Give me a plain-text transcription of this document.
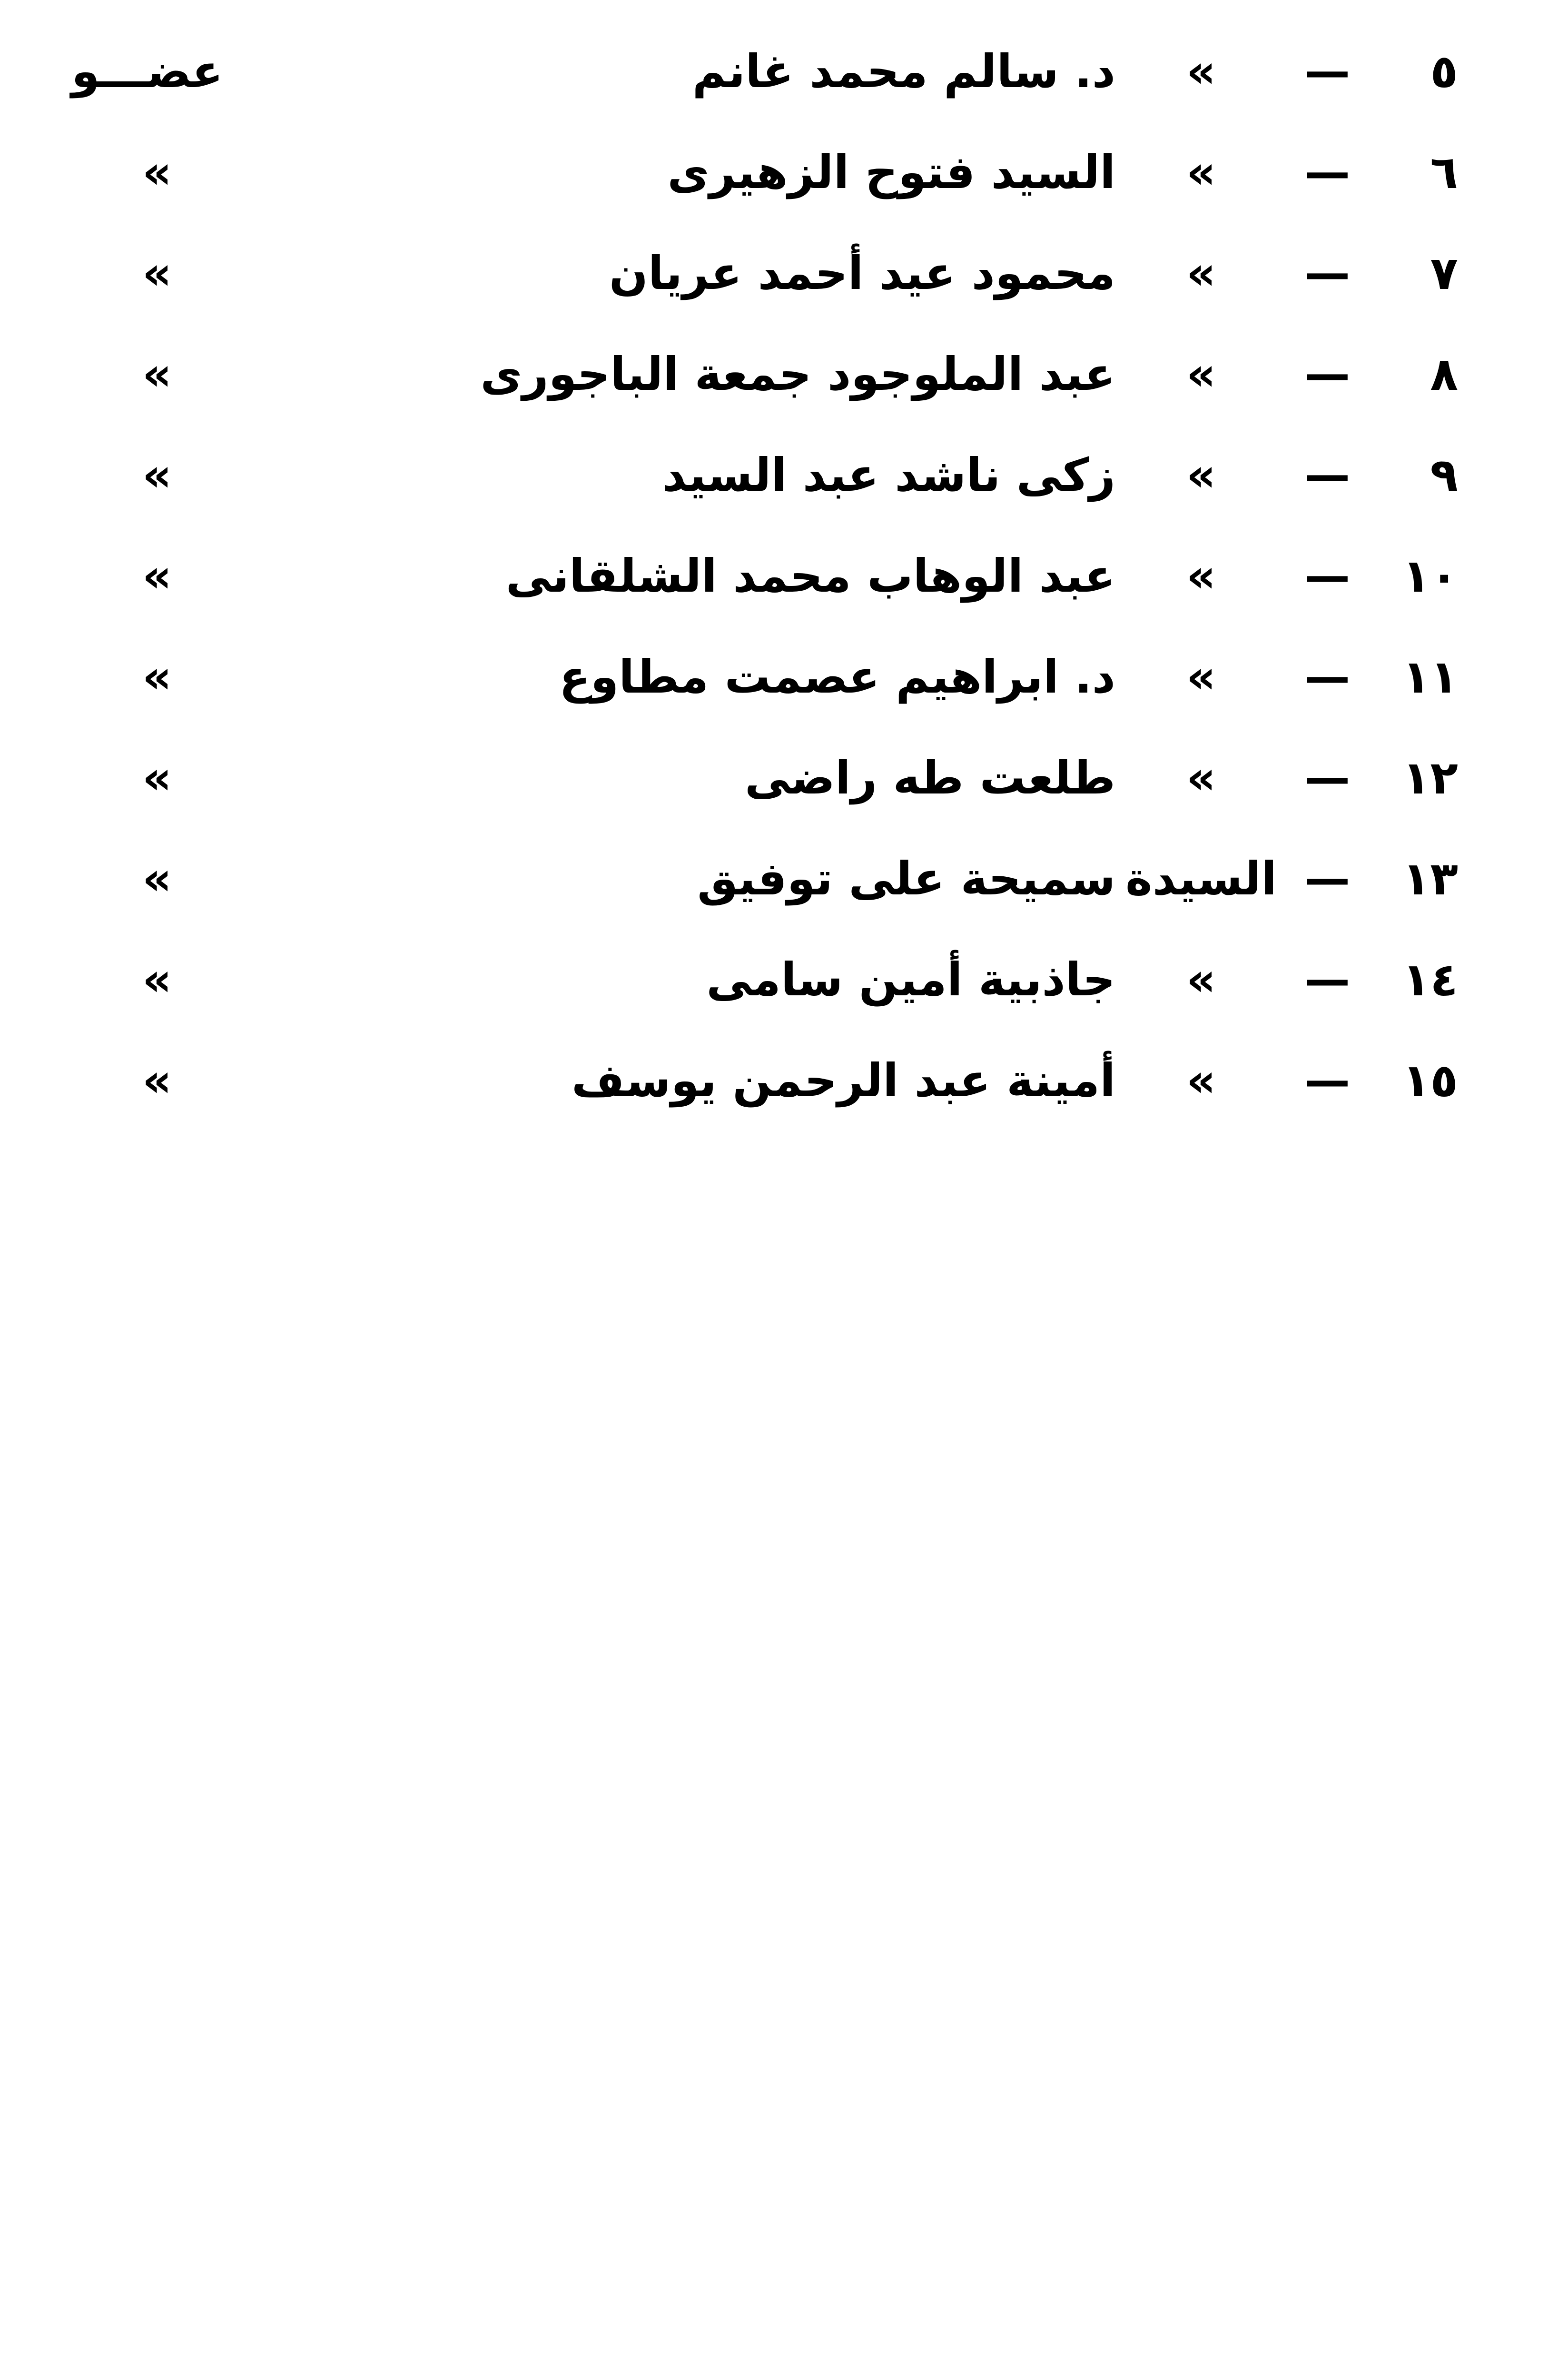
٥
—
»
د. سالم محمد غانم
عضـــو
٦
—
»
السيد فتوح الزهيرى
»
٧
—
»
محمود عيد أحمد عريان
»
٨
—
»
عبد الملوجود جمعة الباجورى
»
٩
—
»
زكى ناشد عبد السيد
»
١٠
—
»
عبد الوهاب محمد الشلقانى
»
١١
—
»
د. ابراهيم عصمت مطاوع
»
١٢
—
»
طلعت طه راضى
»
١٣
—
السيدة
سميحة على توفيق
»
١٤
—
»
جاذبية أمين سامى
»
١٥
—
»
أمينة عبد الرحمن يوسف
»
